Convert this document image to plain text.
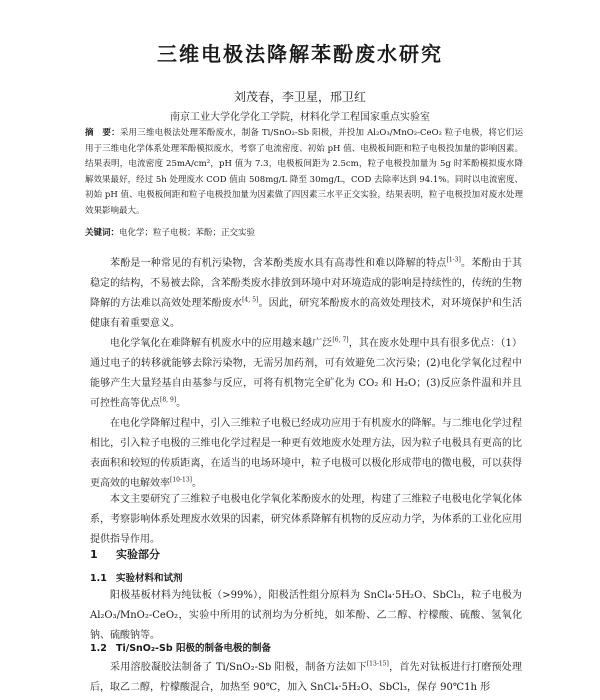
三维电极法降解苯酚废水研究
刘茂春，李卫星，邢卫红
南京工业大学化学化工学院，材料化学工程国家重点实验室
摘　要：采用三维电极法处理苯酚废水，制备 Ti/SnO₂-Sb 阳极，并投加 Al₂O₃/MnO₂-CeO₂ 粒子电极，将它们运用于三维电化学体系处理苯酚模拟废水，考察了电流密度、初始 pH 值、电极板间距和粒子电极投加量的影响因素。结果表明，电流密度 25mA/cm²，pH 值为 7.3，电极板间距为 2.5cm，粒子电极投加量为 5g 时苯酚模拟废水降解效果最好，经过 5h 处理废水 COD 值由 508mg/L 降至 30mg/L，COD 去除率达到 94.1%。同时以电流密度、初始 pH 值、电极板间距和粒子电极投加量为因素做了四因素三水平正交实验，结果表明，粒子电极投加对废水处理效果影响最大。
关键词：电化学；粒子电极；苯酚；正交实验

苯酚是一种常见的有机污染物，含苯酚类废水具有高毒性和难以降解的特点[1-3]。苯酚由于其稳定的结构，不易被去除，含苯酚类废水排放到环境中对环境造成的影响是持续性的，传统的生物降解的方法难以高效处理苯酚废水[4, 5]。因此，研究苯酚废水的高效处理技术，对环境保护和生活健康有着重要意义。

电化学氧化在难降解有机废水中的应用越来越广泛[6, 7]，其在废水处理中具有很多优点：（1）通过电子的转移就能够去除污染物，无需另加药剂，可有效避免二次污染；(2)电化学氧化过程中能够产生大量羟基自由基参与反应，可将有机物完全矿化为 CO₂ 和 H₂O；(3)反应条件温和并且可控性高等优点[8, 9]。

在电化学降解过程中，引入三维粒子电极已经成功应用于有机废水的降解。与二维电化学过程相比，引入粒子电极的三维电化学过程是一种更有效地废水处理方法，因为粒子电极具有更高的比表面积和较短的传质距离，在适当的电场环境中，粒子电极可以极化形成带电的微电极，可以获得更高效的电解效率[10-13]。

本文主要研究了三维粒子电极电化学氧化苯酚废水的处理，构建了三维粒子电极电化学氧化体系，考察影响体系处理废水效果的因素，研究体系降解有机物的反应动力学，为体系的工业化应用提供指导作用。

1 实验部分
1.1 实验材料和试剂

阳极基板材料为纯钛板（>99%），阳极活性组分原料为 SnCl₄·5H₂O、SbCl₃，粒子电极为 Al₂O₃/MnO₂-CeO₂，实验中所用的试剂均为分析纯，如苯酚、乙二醇、柠檬酸、硫酸、氢氧化钠、硫酸钠等。

1.2 Ti/SnO₂-Sb 阳极的制备电极的制备

采用溶胶凝胶法制备了 Ti/SnO₂-Sb 阳极，制备方法如下[13-15]，首先对钛板进行打磨预处理后，取乙二醇，柠檬酸混合，加热至 90℃，加入 SnCl₄·5H₂O、SbCl₃，保存 90℃1h 形
